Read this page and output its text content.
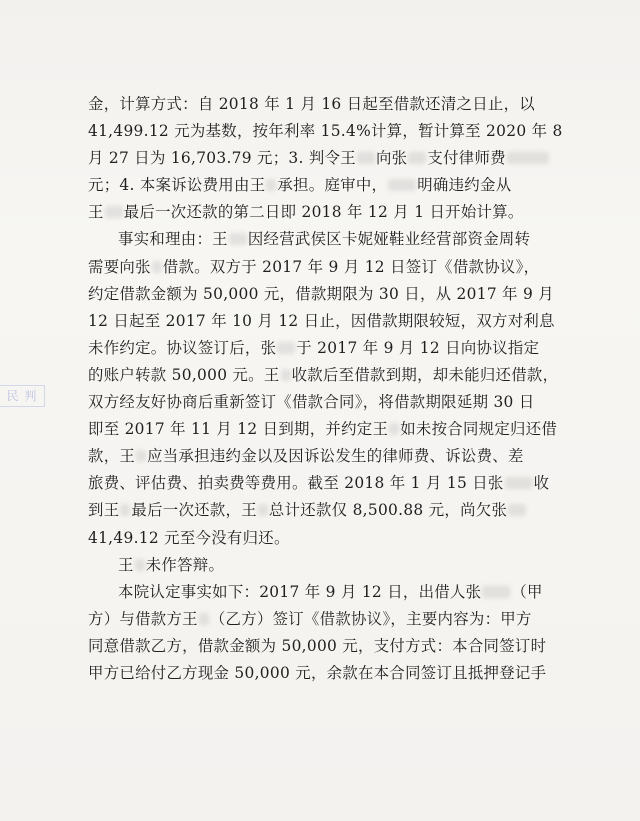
民 判
金，计算方式：自 2018 年 1 月 16 日起至借款还清之日止，以
41,499.12 元为基数，按年利率 15.4%计算，暂计算至 2020 年 8
月 27 日为 16,703.79 元；3. 判令王 向张 支付律师费
元；4. 本案诉讼费用由王 承担。庭审中， 明确违约金从
王 最后一次还款的第二日即 2018 年 12 月 1 日开始计算。
事实和理由：王 因经营武侯区卡妮娅鞋业经营部资金周转
需要向张 借款。双方于 2017 年 9 月 12 日签订《借款协议》，
约定借款金额为 50,000 元，借款期限为 30 日，从 2017 年 9 月
12 日起至 2017 年 10 月 12 日止，因借款期限较短，双方对利息
未作约定。协议签订后，张 于 2017 年 9 月 12 日向协议指定
的账户转款 50,000 元。王 收款后至借款到期，却未能归还借款，
双方经友好协商后重新签订《借款合同》，将借款期限延期 30 日
即至 2017 年 11 月 12 日到期，并约定王 如未按合同规定归还借
款，王 应当承担违约金以及因诉讼发生的律师费、诉讼费、差
旅费、评估费、拍卖费等费用。截至 2018 年 1 月 15 日张 收
到王 最后一次还款，王 总计还款仅 8,500.88 元，尚欠张
41,49.12 元至今没有归还。
王 未作答辩。
本院认定事实如下：2017 年 9 月 12 日，出借人张 （甲
方）与借款方王 （乙方）签订《借款协议》，主要内容为：甲方
同意借款乙方，借款金额为 50,000 元，支付方式：本合同签订时
甲方已给付乙方现金 50,000 元，余款在本合同签订且抵押登记手
